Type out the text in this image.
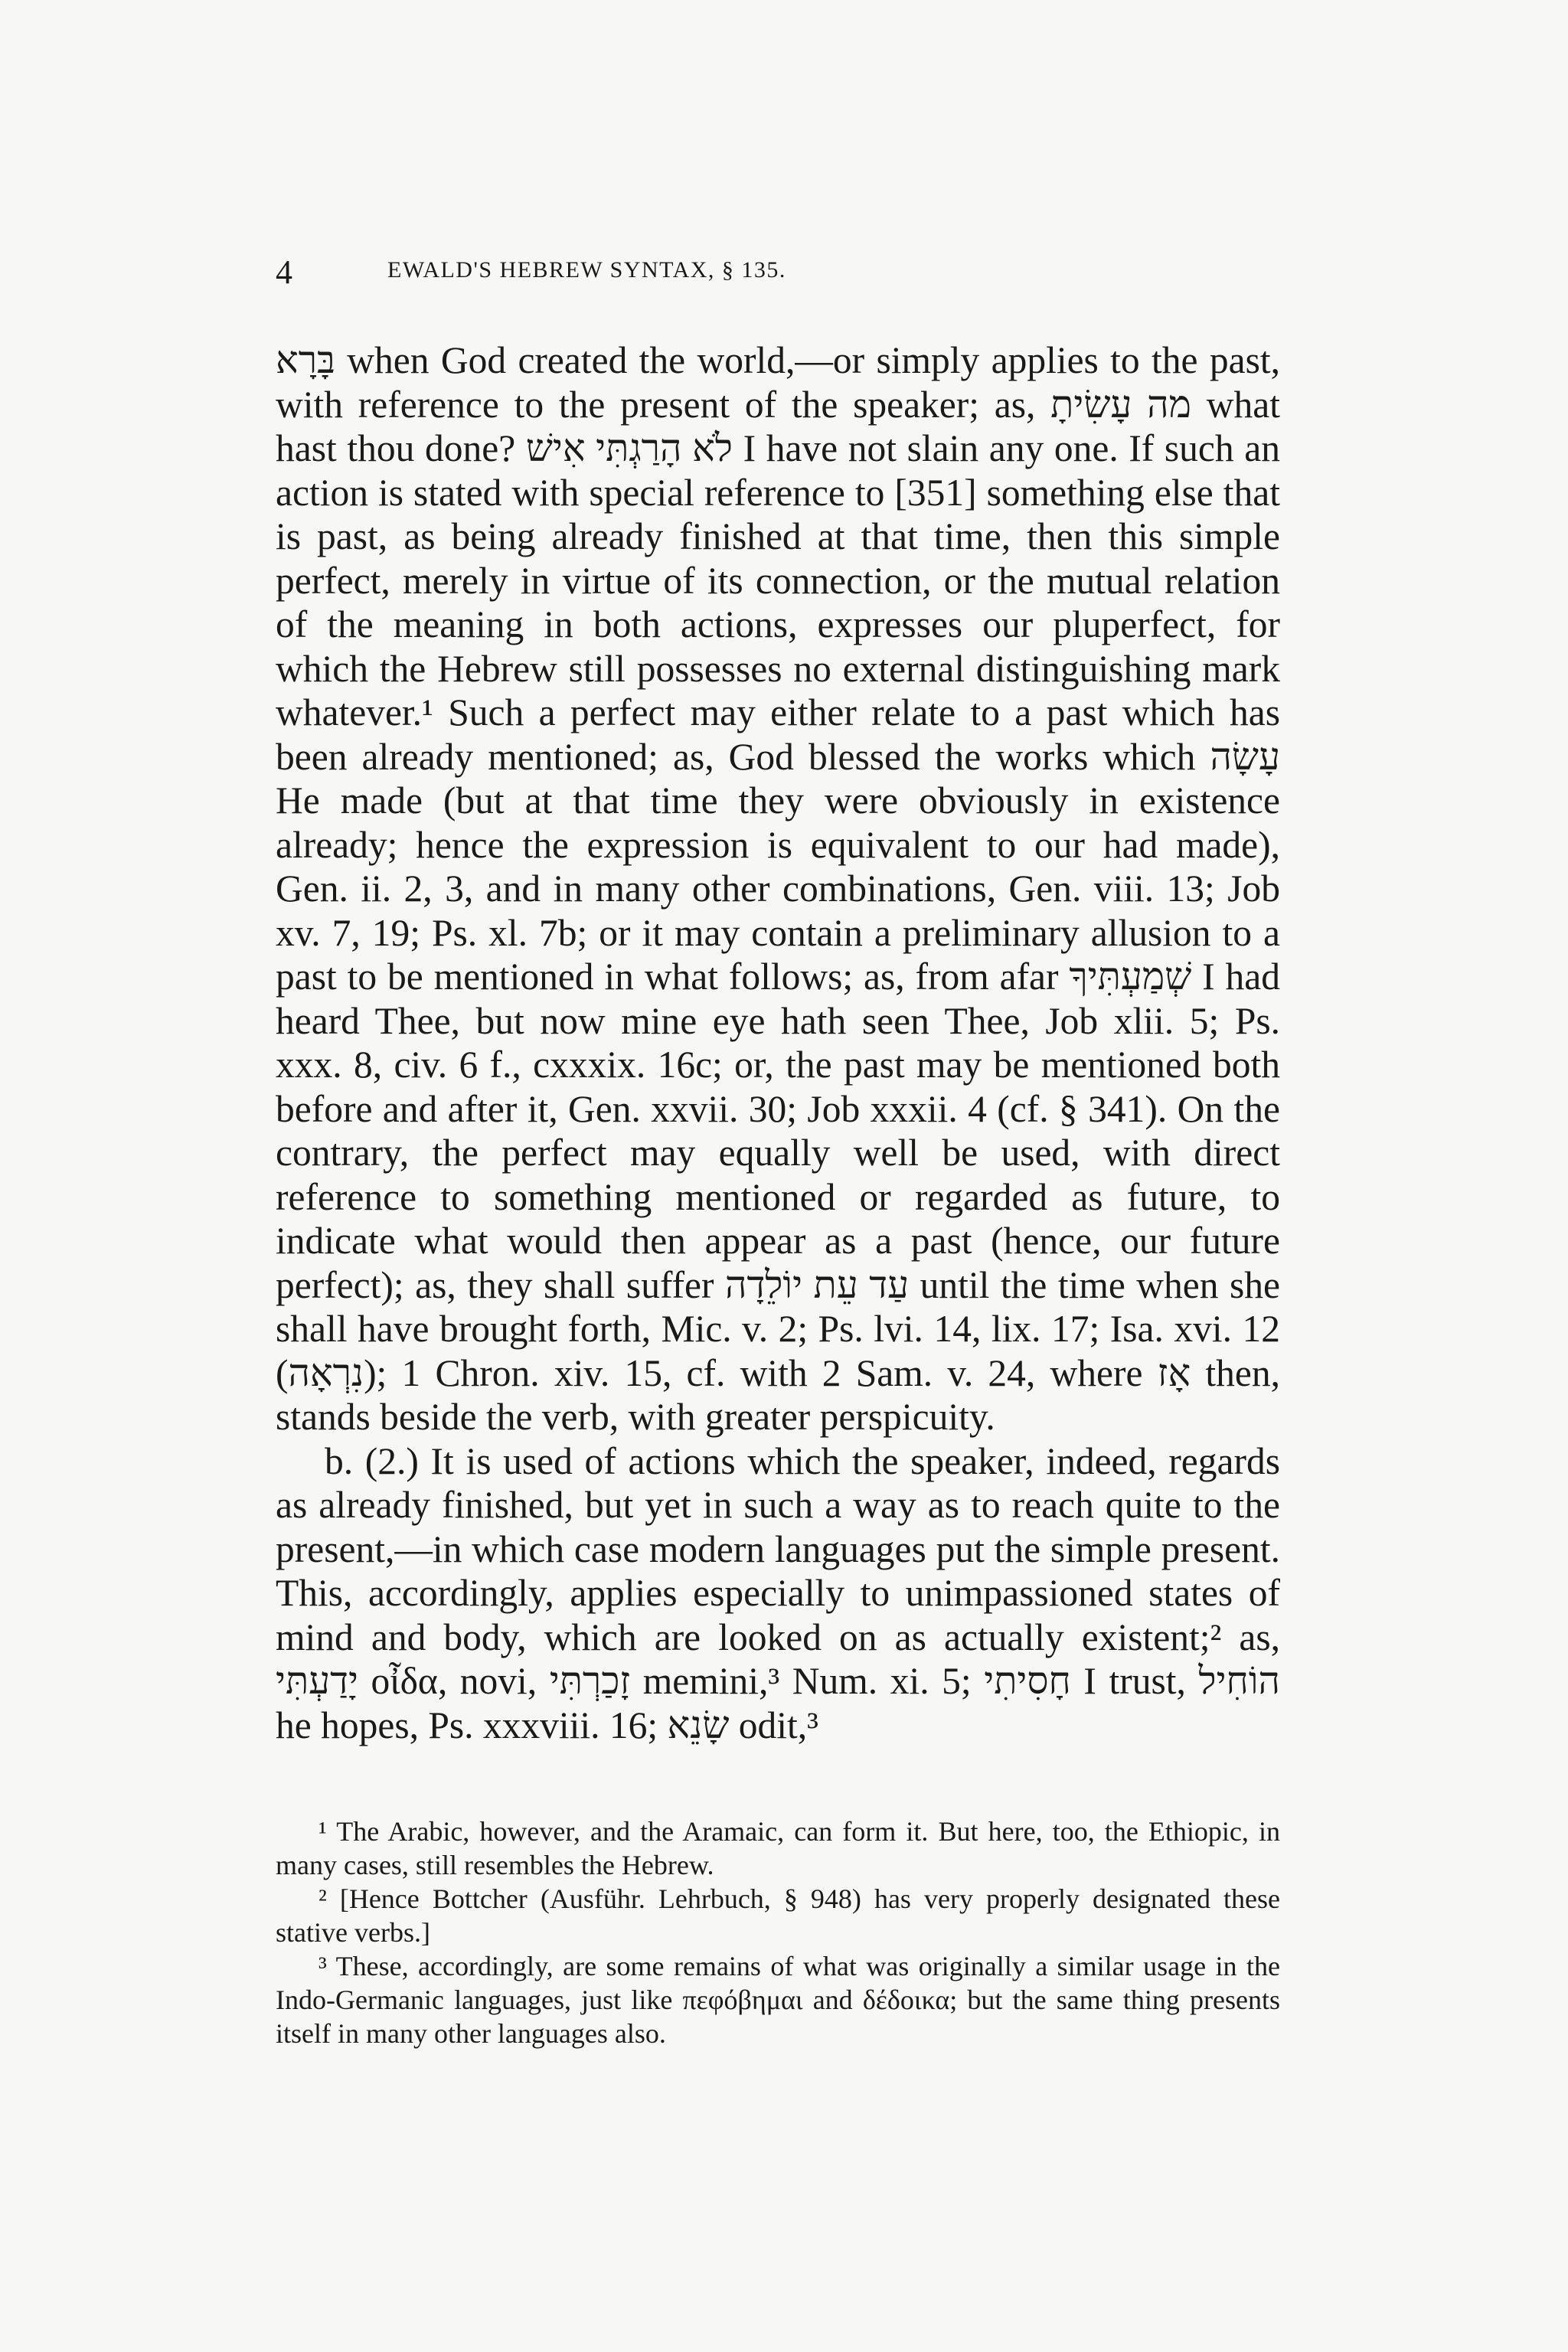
4	EWALD'S HEBREW SYNTAX, § 135.

בָּרָא when God created the world,—or simply applies to the past, with reference to the present of the speaker; as, מה עָשִׂיתָ what hast thou done? לֹא הָרַגְתִּי אִישׁ I have not slain any one. If such an action is stated with special reference to [351] something else that is past, as being already finished at that time, then this simple perfect, merely in virtue of its connection, or the mutual relation of the meaning in both actions, expresses our pluperfect, for which the Hebrew still possesses no external distinguishing mark whatever.¹ Such a perfect may either relate to a past which has been already mentioned; as, God blessed the works which עָשָׂה He made (but at that time they were obviously in existence already; hence the expression is equivalent to our had made), Gen. ii. 2, 3, and in many other combinations, Gen. viii. 13; Job xv. 7, 19; Ps. xl. 7b; or it may contain a preliminary allusion to a past to be mentioned in what follows; as, from afar שְׁמַעְתִּיךָ I had heard Thee, but now mine eye hath seen Thee, Job xlii. 5; Ps. xxx. 8, civ. 6 f., cxxxix. 16c; or, the past may be mentioned both before and after it, Gen. xxvii. 30; Job xxxii. 4 (cf. § 341). On the contrary, the perfect may equally well be used, with direct reference to something mentioned or regarded as future, to indicate what would then appear as a past (hence, our future perfect); as, they shall suffer עַד עֵת יוֹלֵדָה until the time when she shall have brought forth, Mic. v. 2; Ps. lvi. 14, lix. 17; Isa. xvi. 12 (נִרְאָה); 1 Chron. xiv. 15, cf. with 2 Sam. v. 24, where אָז then, stands beside the verb, with greater perspicuity.

b. (2.) It is used of actions which the speaker, indeed, regards as already finished, but yet in such a way as to reach quite to the present,—in which case modern languages put the simple present. This, accordingly, applies especially to unimpassioned states of mind and body, which are looked on as actually existent;² as, יָדַעְתִּי οἶδα, novi, זָכַרְתִּי memini,³ Num. xi. 5; חָסִיתִי I trust, הוֹחִיל he hopes, Ps. xxxviii. 16; שָׂנֵא odit,³

¹ The Arabic, however, and the Aramaic, can form it. But here, too, the Ethiopic, in many cases, still resembles the Hebrew.

² [Hence Bottcher (Ausführ. Lehrbuch, § 948) has very properly designated these stative verbs.]

³ These, accordingly, are some remains of what was originally a similar usage in the Indo-Germanic languages, just like πεφόβημαι and δέδοικα; but the same thing presents itself in many other languages also.
